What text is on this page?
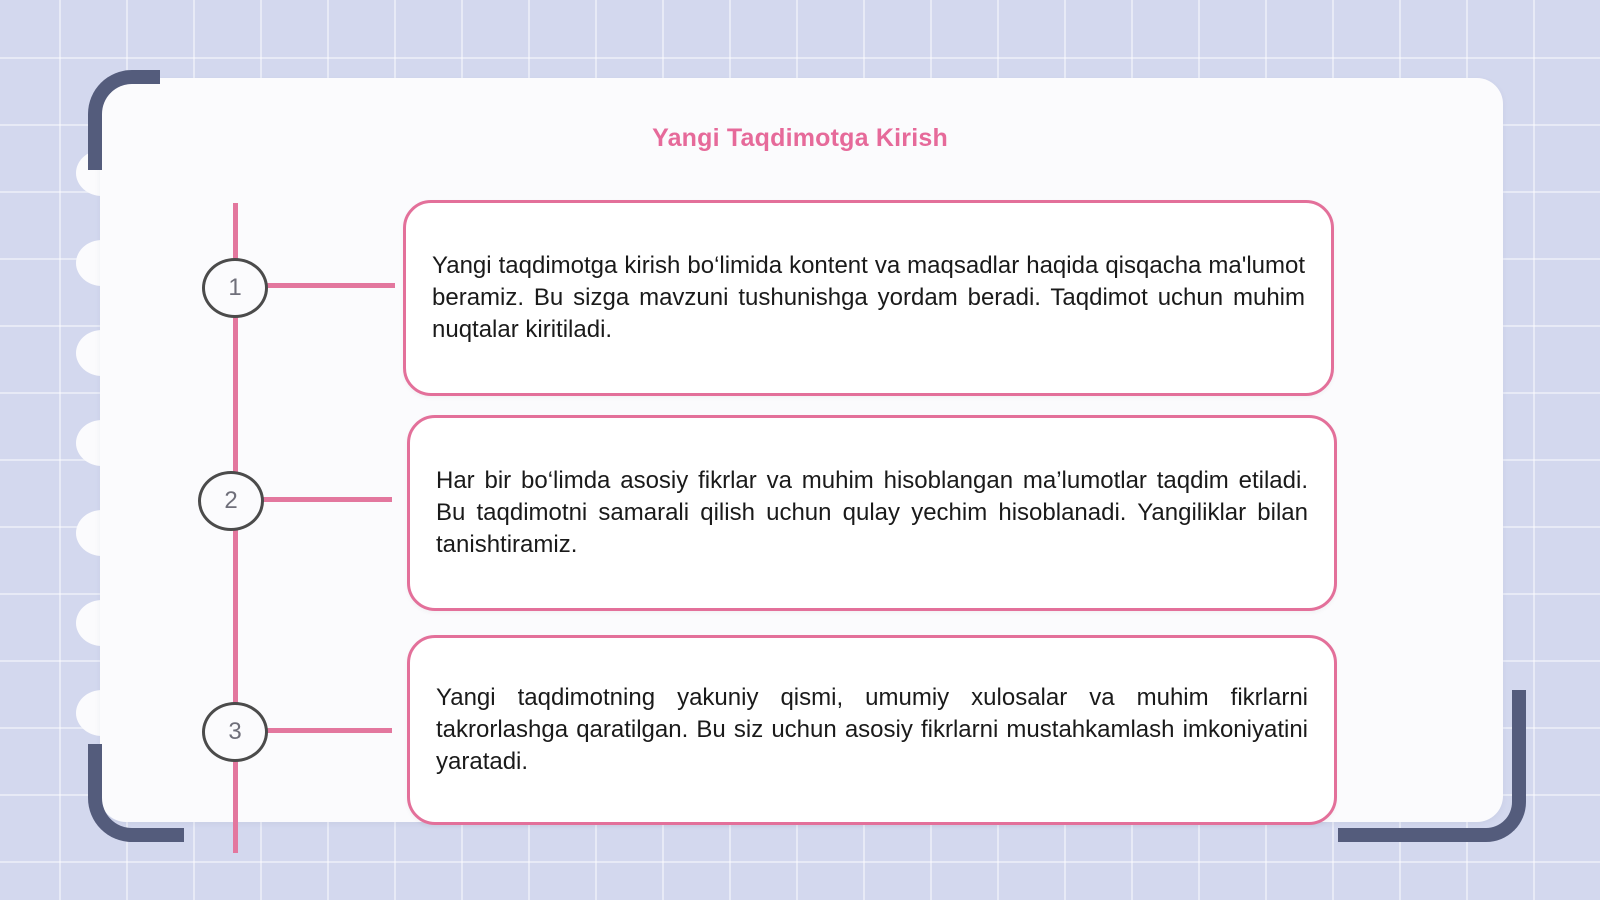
Yangi Taqdimotga Kirish
1

Yangi taqdimotga kirish bo‘limida kontent va maqsadlar haqida qisqacha ma'lumot beramiz. Bu sizga mavzuni tushunishga yordam beradi. Taqdimot uchun muhim nuqtalar kiritiladi.

2

Har bir bo‘limda asosiy fikrlar va muhim hisoblangan ma’lumotlar taqdim etiladi. Bu taqdimotni samarali qilish uchun qulay yechim hisoblanadi. Yangiliklar bilan tanishtiramiz.

3

Yangi taqdimotning yakuniy qismi, umumiy xulosalar va muhim fikrlarni takrorlashga qaratilgan. Bu siz uchun asosiy fikrlarni mustahkamlash imkoniyatini yaratadi.
